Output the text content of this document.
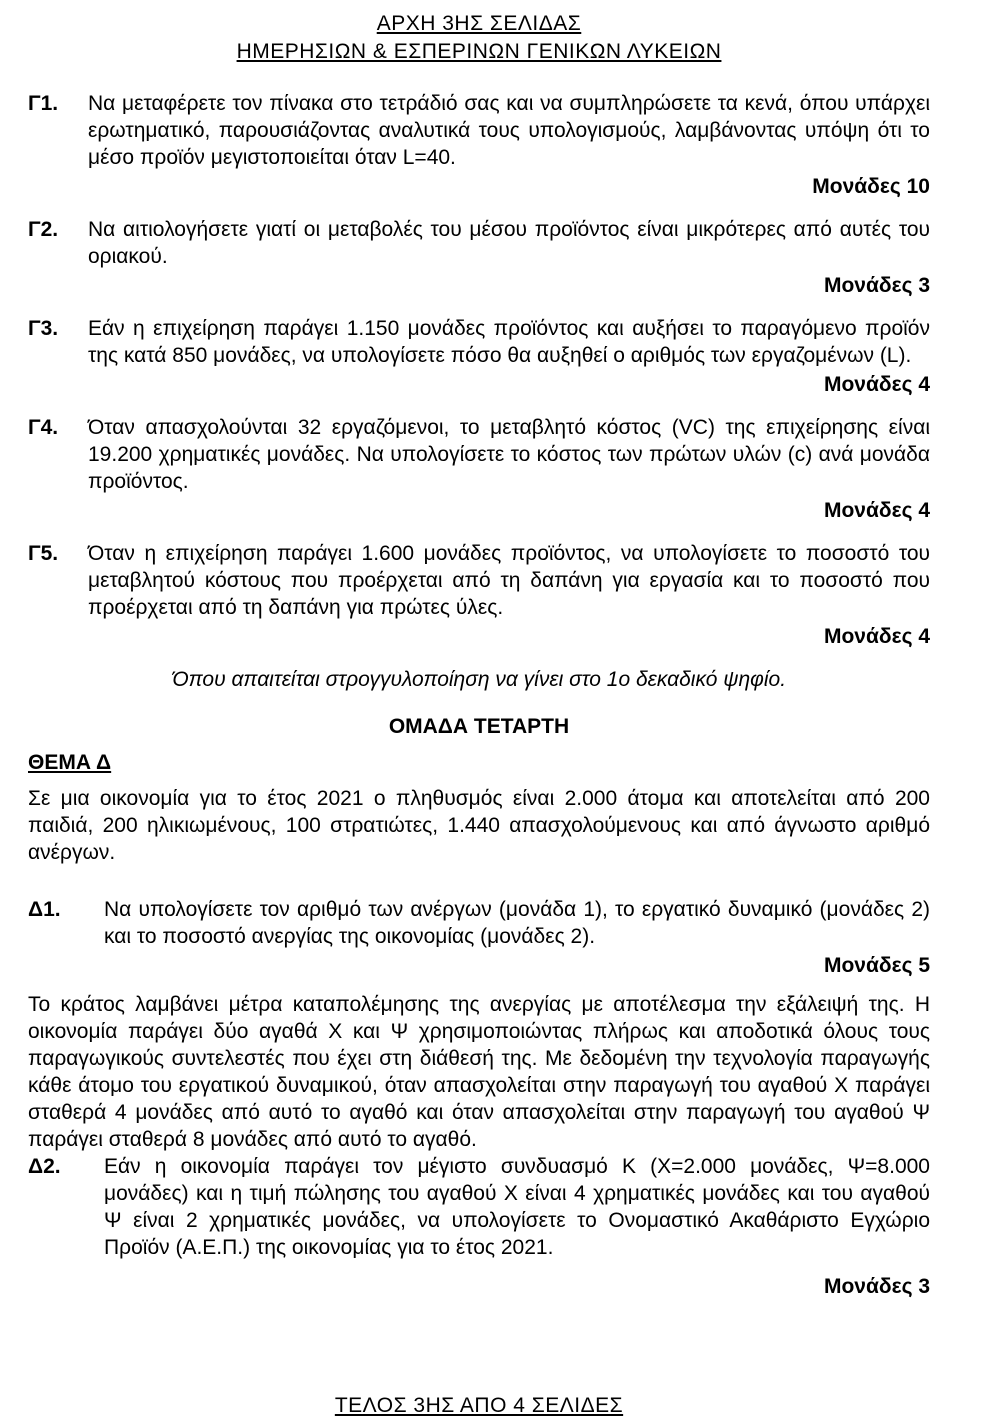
ΑΡΧΗ 3ΗΣ ΣΕΛΙΔΑΣ
ΗΜΕΡΗΣΙΩΝ & ΕΣΠΕΡΙΝΩΝ ΓΕΝΙΚΩΝ ΛΥΚΕΙΩΝ
Γ1.	Να μεταφέρετε τον πίνακα στο τετράδιό σας και να συμπληρώσετε τα κενά, όπου υπάρχει ερωτηματικό, παρουσιάζοντας αναλυτικά τους υπολογισμούς, λαμβάνοντας υπόψη ότι το μέσο προϊόν μεγιστοποιείται όταν L=40.
Μονάδες 10
Γ2.	Να αιτιολογήσετε γιατί οι μεταβολές του μέσου προϊόντος είναι μικρότερες από αυτές του οριακού.
Μονάδες 3
Γ3.	Εάν η επιχείρηση παράγει 1.150 μονάδες προϊόντος και αυξήσει το παραγόμενο προϊόν της κατά 850 μονάδες, να υπολογίσετε πόσο θα αυξηθεί ο αριθμός των εργαζομένων (L).
Μονάδες 4
Γ4.	Όταν απασχολούνται 32 εργαζόμενοι, το μεταβλητό κόστος (VC) της επιχείρησης είναι 19.200 χρηματικές μονάδες. Να υπολογίσετε το κόστος των πρώτων υλών (c) ανά μονάδα προϊόντος.
Μονάδες 4
Γ5.	Όταν η επιχείρηση παράγει 1.600 μονάδες προϊόντος, να υπολογίσετε το ποσοστό του μεταβλητού κόστους που προέρχεται από τη δαπάνη για εργασία και το ποσοστό που προέρχεται από τη δαπάνη για πρώτες ύλες.
Μονάδες 4
Όπου απαιτείται στρογγυλοποίηση να γίνει στο 1ο δεκαδικό ψηφίο.
ΟΜΑΔΑ ΤΕΤΑΡΤΗ
ΘΕΜΑ Δ
Σε μια οικονομία για το έτος 2021 ο πληθυσμός είναι 2.000 άτομα και αποτελείται από 200 παιδιά, 200 ηλικιωμένους, 100 στρατιώτες, 1.440 απασχολούμενους και από άγνωστο αριθμό ανέργων.
Δ1.	Να υπολογίσετε τον αριθμό των ανέργων (μονάδα 1), το εργατικό δυναμικό (μονάδες 2) και το ποσοστό ανεργίας της οικονομίας (μονάδες 2).
Μονάδες 5
Το κράτος λαμβάνει μέτρα καταπολέμησης της ανεργίας με αποτέλεσμα την εξάλειψή της. Η οικονομία παράγει δύο αγαθά Χ και Ψ χρησιμοποιώντας πλήρως και αποδοτικά όλους τους παραγωγικούς συντελεστές που έχει στη διάθεσή της. Με δεδομένη την τεχνολογία παραγωγής κάθε άτομο του εργατικού δυναμικού, όταν απασχολείται στην παραγωγή του αγαθού Χ παράγει σταθερά 4 μονάδες από αυτό το αγαθό και όταν απασχολείται στην παραγωγή του αγαθού Ψ παράγει σταθερά 8 μονάδες από αυτό το αγαθό.
Δ2.	Εάν η οικονομία παράγει τον μέγιστο συνδυασμό Κ (Χ=2.000 μονάδες, Ψ=8.000 μονάδες) και η τιμή πώλησης του αγαθού Χ είναι 4 χρηματικές μονάδες και του αγαθού Ψ είναι 2 χρηματικές μονάδες, να υπολογίσετε το Ονομαστικό Ακαθάριστο Εγχώριο Προϊόν (Α.Ε.Π.) της οικονομίας για το έτος 2021.
Μονάδες 3
ΤΕΛΟΣ 3ΗΣ ΑΠΟ 4 ΣΕΛΙΔΕΣ
